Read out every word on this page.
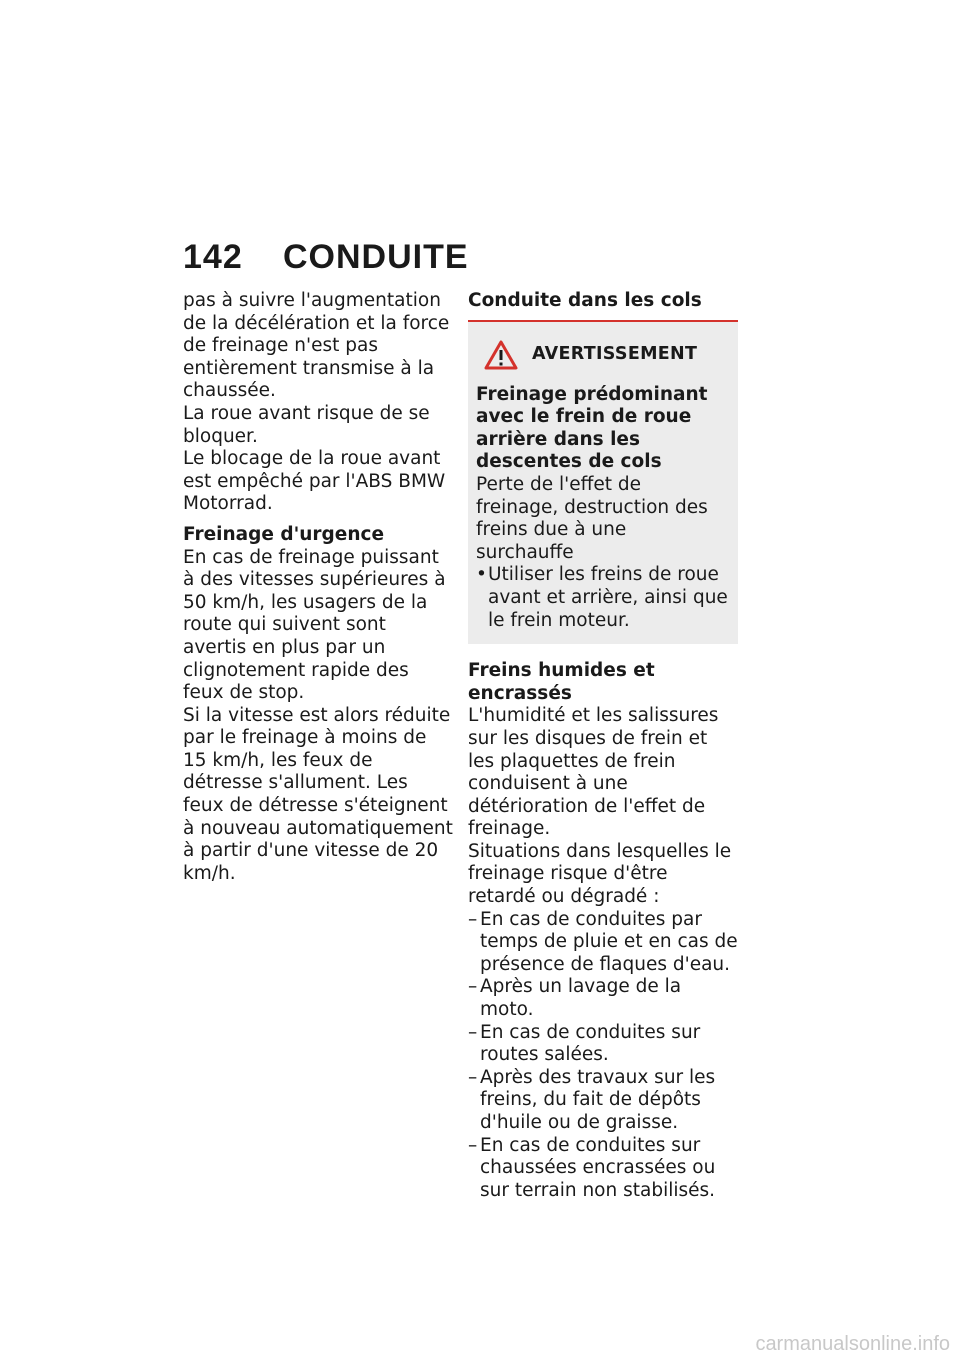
142 CONDUITE

pas à suivre l'augmentation de la décélération et la force de freinage n'est pas entièrement transmise à la chaussée.

La roue avant risque de se bloquer.

Le blocage de la roue avant est empêché par l'ABS BMW Motorrad.

Freinage d'urgence

En cas de freinage puissant à des vitesses supérieures à 50 km/h, les usagers de la route qui suivent sont avertis en plus par un clignotement rapide des feux de stop.

Si la vitesse est alors réduite par le freinage à moins de 15 km/h, les feux de détresse s'allument. Les feux de détresse s'éteignent à nouveau automatiquement à partir d'une vitesse de 20 km/h.

Conduite dans les cols

AVERTISSEMENT

Freinage prédominant avec le frein de roue arrière dans les descentes de cols

Perte de l'effet de freinage, destruction des freins due à une surchauffe

• Utiliser les freins de roue avant et arrière, ainsi que le frein moteur.

Freins humides et encrassés

L'humidité et les salissures sur les disques de frein et les plaquettes de frein conduisent à une détérioration de l'effet de freinage.

Situations dans lesquelles le freinage risque d'être retardé ou dégradé :

– En cas de conduites par temps de pluie et en cas de présence de flaques d'eau.

– Après un lavage de la moto.

– En cas de conduites sur routes salées.

– Après des travaux sur les freins, du fait de dépôts d'huile ou de graisse.

– En cas de conduites sur chaussées encrassées ou sur terrain non stabilisés.

carmanualsonline.info
